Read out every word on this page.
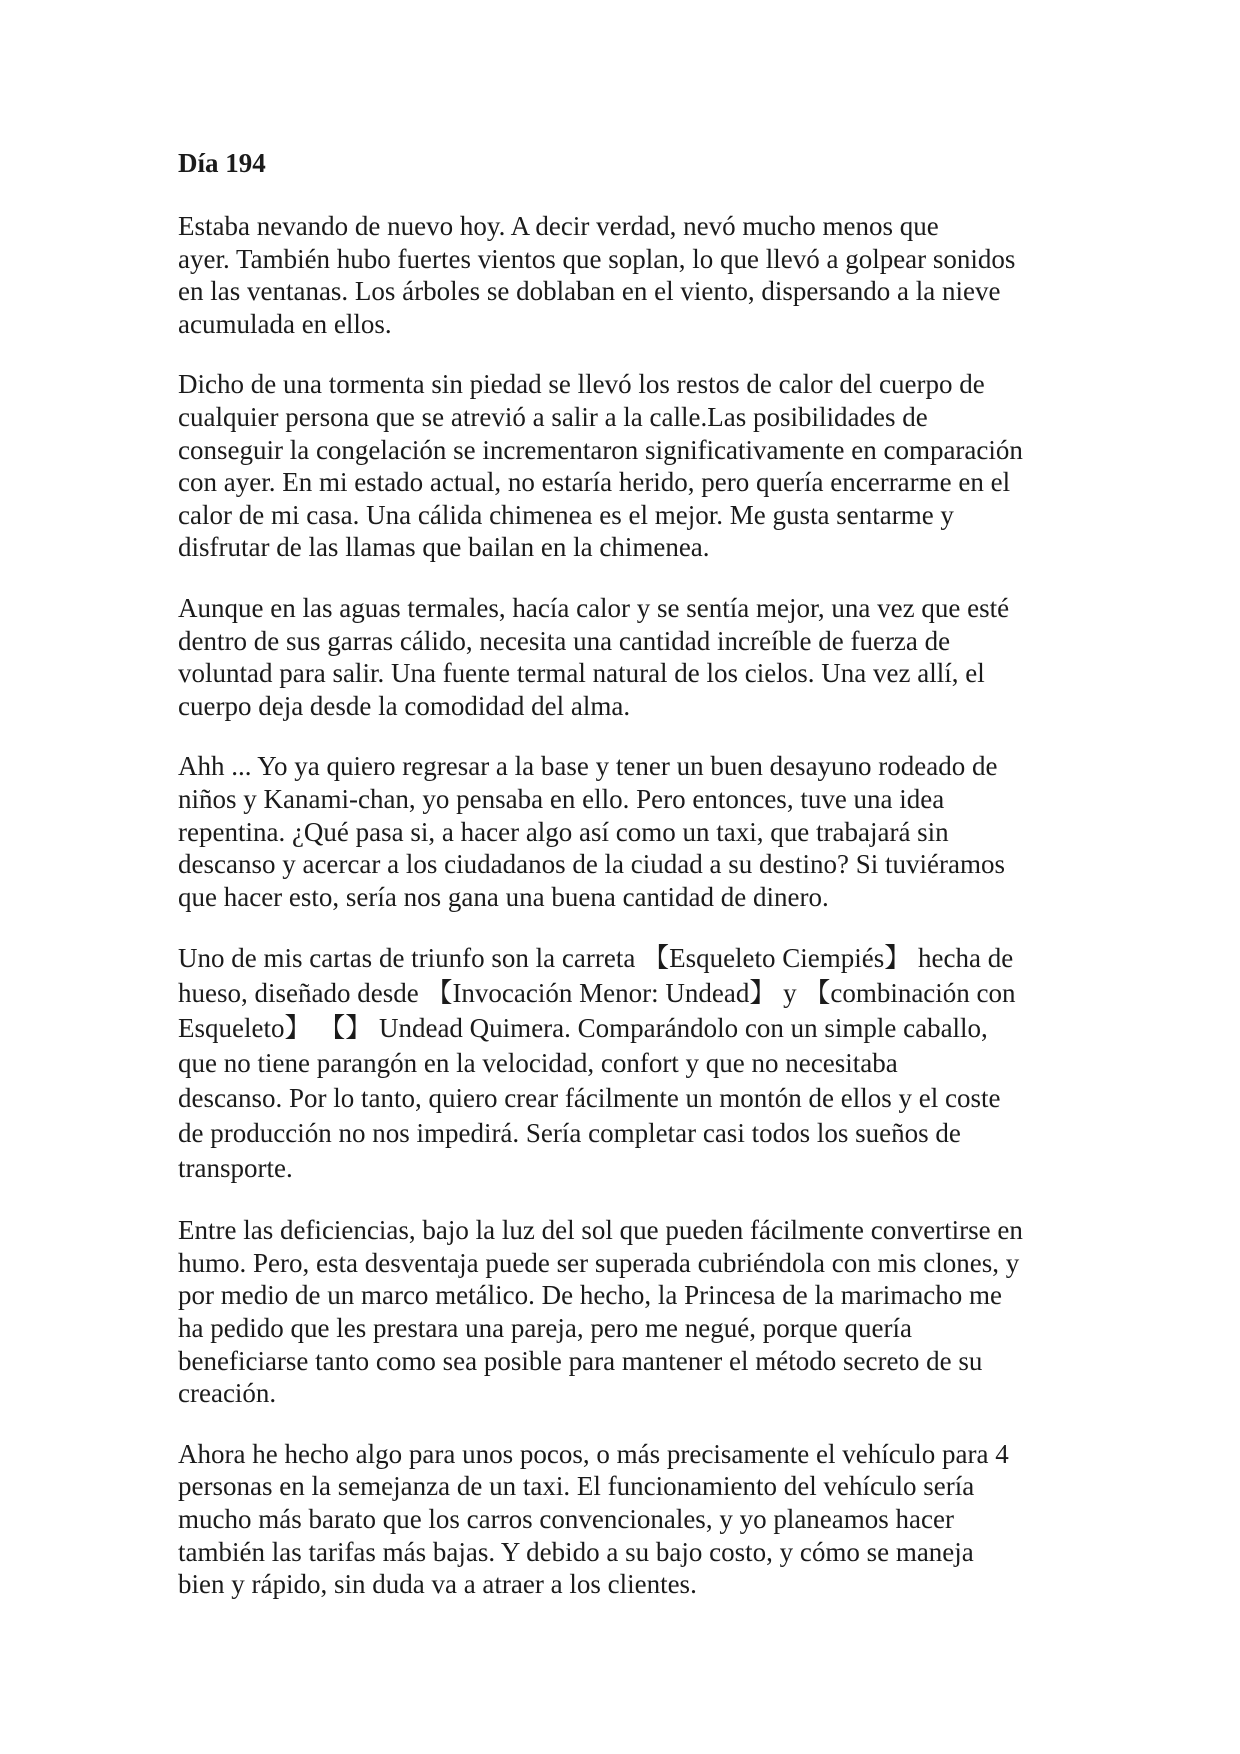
Día 194
Estaba nevando de nuevo hoy. A decir verdad, nevó mucho menos que
ayer. También hubo fuertes vientos que soplan, lo que llevó a golpear sonidos
en las ventanas. Los árboles se doblaban en el viento, dispersando a la nieve
acumulada en ellos.
Dicho de una tormenta sin piedad se llevó los restos de calor del cuerpo de
cualquier persona que se atrevió a salir a la calle.Las posibilidades de
conseguir la congelación se incrementaron significativamente en comparación
con ayer. En mi estado actual, no estaría herido, pero quería encerrarme en el
calor de mi casa. Una cálida chimenea es el mejor. Me gusta sentarme y
disfrutar de las llamas que bailan en la chimenea.
Aunque en las aguas termales, hacía calor y se sentía mejor, una vez que esté
dentro de sus garras cálido, necesita una cantidad increíble de fuerza de
voluntad para salir. Una fuente termal natural de los cielos. Una vez allí, el
cuerpo deja desde la comodidad del alma.
Ahh ... Yo ya quiero regresar a la base y tener un buen desayuno rodeado de
niños y Kanami-chan, yo pensaba en ello. Pero entonces, tuve una idea
repentina. ¿Qué pasa si, a hacer algo así como un taxi, que trabajará sin
descanso y acercar a los ciudadanos de la ciudad a su destino? Si tuviéramos
que hacer esto, sería nos gana una buena cantidad de dinero.
Uno de mis cartas de triunfo son la carreta 【Esqueleto Ciempiés】 hecha de
hueso, diseñado desde 【Invocación Menor: Undead】 y 【combinación con
Esqueleto】 【】 Undead Quimera. Comparándolo con un simple caballo,
que no tiene parangón en la velocidad, confort y que no necesitaba
descanso. Por lo tanto, quiero crear fácilmente un montón de ellos y el coste
de producción no nos impedirá. Sería completar casi todos los sueños de
transporte.
Entre las deficiencias, bajo la luz del sol que pueden fácilmente convertirse en
humo. Pero, esta desventaja puede ser superada cubriéndola con mis clones, y
por medio de un marco metálico. De hecho, la Princesa de la marimacho me
ha pedido que les prestara una pareja, pero me negué, porque quería
beneficiarse tanto como sea posible para mantener el método secreto de su
creación.
Ahora he hecho algo para unos pocos, o más precisamente el vehículo para 4
personas en la semejanza de un taxi. El funcionamiento del vehículo sería
mucho más barato que los carros convencionales, y yo planeamos hacer
también las tarifas más bajas. Y debido a su bajo costo, y cómo se maneja
bien y rápido, sin duda va a atraer a los clientes.
